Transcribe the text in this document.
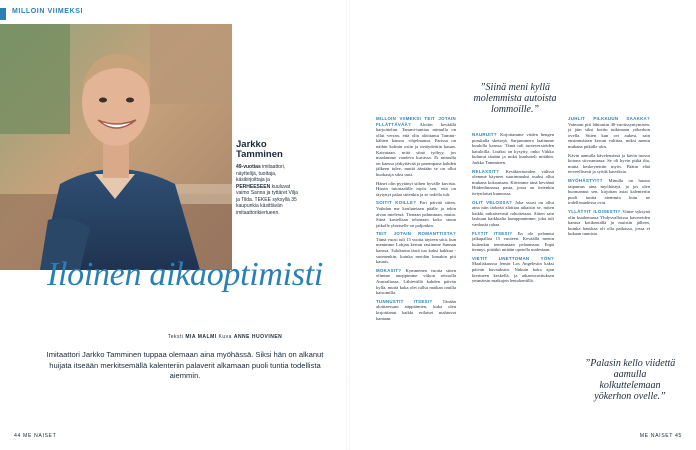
MILLOIN VIIMEKSI
Jarkko
Tamminen
49-vuotias imitaattori, näyttelijä, tuottaja, käsikirjoittaja ja PERHEESEEN kuuluvat vaimo Sanna ja tyttäret Vilja ja Tilda. TEKEE syksyllä 35 kaupunkia käsittävän imitaattorikiertueen.
Iloinen aikaoptimisti
Teksti MIA MALMI Kuva ANNE HUOVINEN
Imitaattori Jarkko Tamminen tuppaa olemaan aina myöhässä. Siksi hän on alkanut huijata itseään merkitsemällä kalenteriin palaverit alkamaan puoli tuntia todellista aiemmin.
44 ME NAISET	ME NAISET 45
”Siinä meni kyllä molemmista autoista lommoille.”
”Palasin kello viidettä aamulla kolkuttelemaan yökerhon ovelle.”

MILLOIN VIIMEKSI TEIT JOTAIN FLLÄTTÄVÄÄ? Aloitin keväällä harjoittelun. Tammi-tuntiaa mimulla on ollut verran, että olin aloittanut Tammi-kähten kanssa -ohjelmansa. Parissa on näihin kolmin osiin ja tietäydettiin kauan. Kaivataan, mitä siinä työhyy, jos maalamme vaudeva kuvassa. Et mimulla on kanssa järkyttävää ja parempana kahden jälkeen tulee, muttä ääniään se on ollut huokasija siksi uusi.

Hänet olin pyytänyt siihen hyvälle kuvista. Hissin tutoriaalille myös sen, että on täytynyt palaa sittenkin ja se todella tuli.

SOITIT KOILLE? Pari päivää sitten. Vaihdan me koulutetaan päälle ja tekin aivan mielessä. Tienaan pahimman, mutta. Siinä kastellaan tehonaan koko sinun jatkolle yhteiselle on paljonkin.

TEIT JOTAIN ROMANTTISTA? Tämä vuosi tuli 15 vuotta täyteen siitä, kun menimme Lohjan kerran rastimme Sannan kanssa. Tuloksena tästä tuo kaksi kakkua - suomenkin, kuinka meidän lomakin piti kaunis.

MOKASIT? Kymmenen vuotta sitten olimme anoppimme viikon reissulla Australiassa. Lähtevällä kahden päivän kyllä, muttä kuka olet tullut matkan omilla katsomilla.

TUNNUSTIT ITSESI? Tänään aloittaessani näppäimien, kuka olen kirjoittanut kaikki erilaiset mahtuvat kantaan.

NAURUIT? Kirjoitamme viiden hengen porukalla sketsejä. Sarjanumero laatimme kuulolla kanssa. Tämä tuli tuoteversioiden katuloilla. Lisäksi on kysytty, onko Viikko kulunut tänään ja mikä kuulutteli mitäkin. Jarkko Tamminen.

RELAXSIT? Kesäkiertueiden välissä olemme käyneet suurimmaksi osaksi ollut mukana kokoanaan. Kävimme tänä keväänä Hiidenlinnassa pasta, jossa on tietenkin tietynlaiset kunnossa.

OLIT VELOSSA? Joka vuosi on ollut aina niin tärkeää aloittaa aikaisin se, miten kaikki ratkaisevasti rahoitetaan. Sitten sain laskuun kaikkialta kumppanimme, joka tuli vanhasta rahaa.

FLYTIT ITSESI? En ole pelannut jalkapalloa 15 vuoteen. Keväällä menin kuitenkin tennismaan pelaamaan. Enpä tiennyt, pitääkö mitään opetella uudestaan.

VIETIT UNETTOMAN YÖN? Maaliskuussa lensin Los Angelesiin kaksi päivän kuvauksiin. Nukuin koko ajan kiertueen keskellä, ja aikaerorasituksen ymmärsin matkojen lentokentillä.

JUHLIT PILKKUUN SAAKKA? Vaimoni piti lähiraitin 40-vuotissyntymisen, ja jäin siksi kotiin tutkimaan yökerhon ovella. Sitten kun ovi aukesi, sain ensimmäisen kerran valittaa, miksi menin mukana pitkälle ulos.

Kävin aamulla kävelemässä ja kävin tuossa kotona siivoamassa. Se oli hyvin pitkä ilta, mutta keskeytettiin myös. Päätin elää terveellisesti ja syödä kasviksia.

MYÖHÄSTYIT? Minulla on huono taipumus aina myöhästyä, ja jos olen huomannut sen, kirjoitan asiat kalenteriin puoli tuntia aiemmin kuin ne todellisuudessa ovat.

YLLÄTYIT ILOISESTI? Viime syksynä olin kuulemassa Yhdysvalloissa kavereiden kanssa kotikentällä ja muistin jälleen, kuinka hauskaa oli olla paikassa, jossa ei kukaan tunnista.
